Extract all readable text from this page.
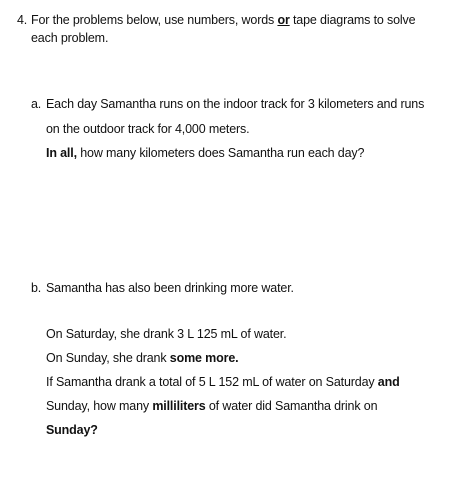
4. For the problems below, use numbers, words or tape diagrams to solve
each problem.
a. Each day Samantha runs on the indoor track for 3 kilometers and runs
on the outdoor track for 4,000 meters.
In all, how many kilometers does Samantha run each day?
b. Samantha has also been drinking more water.
On Saturday, she drank 3 L 125 mL of water.
On Sunday, she drank some more.
If Samantha drank a total of 5 L 152 mL of water on Saturday and
Sunday, how many milliliters of water did Samantha drink on
Sunday?
